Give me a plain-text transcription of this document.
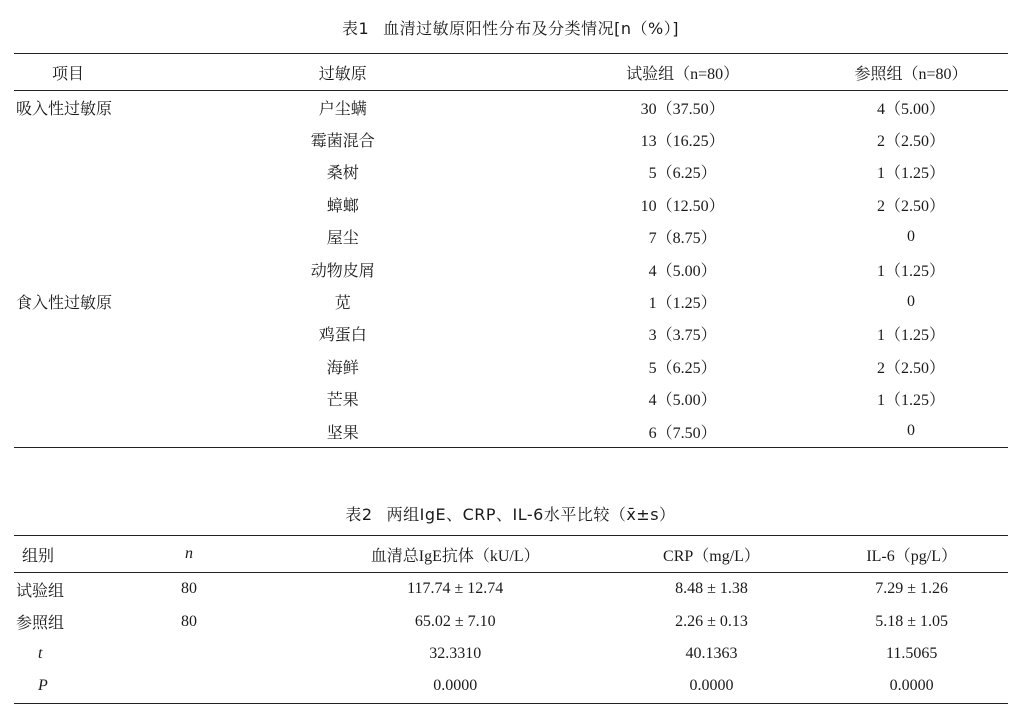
表1 血清过敏原阳性分布及分类情况[n（%）]
项目	过敏原	试验组（n=80）	参照组（n=80）
吸入性过敏原	户尘螨	30（37.50）	4（5.00）
	霉菌混合	13（16.25）	2（2.50）
	桑树	5（6.25）	1（1.25）
	蟑螂	10（12.50）	2（2.50）
	屋尘	7（8.75）	0
	动物皮屑	4（5.00）	1（1.25）
食入性过敏原	苋	1（1.25）	0
	鸡蛋白	3（3.75）	1（1.25）
	海鲜	5（6.25）	2（2.50）
	芒果	4（5.00）	1（1.25）
	坚果	6（7.50）	0
表2 两组IgE、CRP、IL-6水平比较（x̄±s）
组别	n	血清总IgE抗体（kU/L）	CRP（mg/L）	IL-6（pg/L）
试验组	80	117.74 ± 12.74	8.48 ± 1.38	7.29 ± 1.26
参照组	80	65.02 ± 7.10	2.26 ± 0.13	5.18 ± 1.05
t		32.3310	40.1363	11.5065
P		0.0000	0.0000	0.0000
